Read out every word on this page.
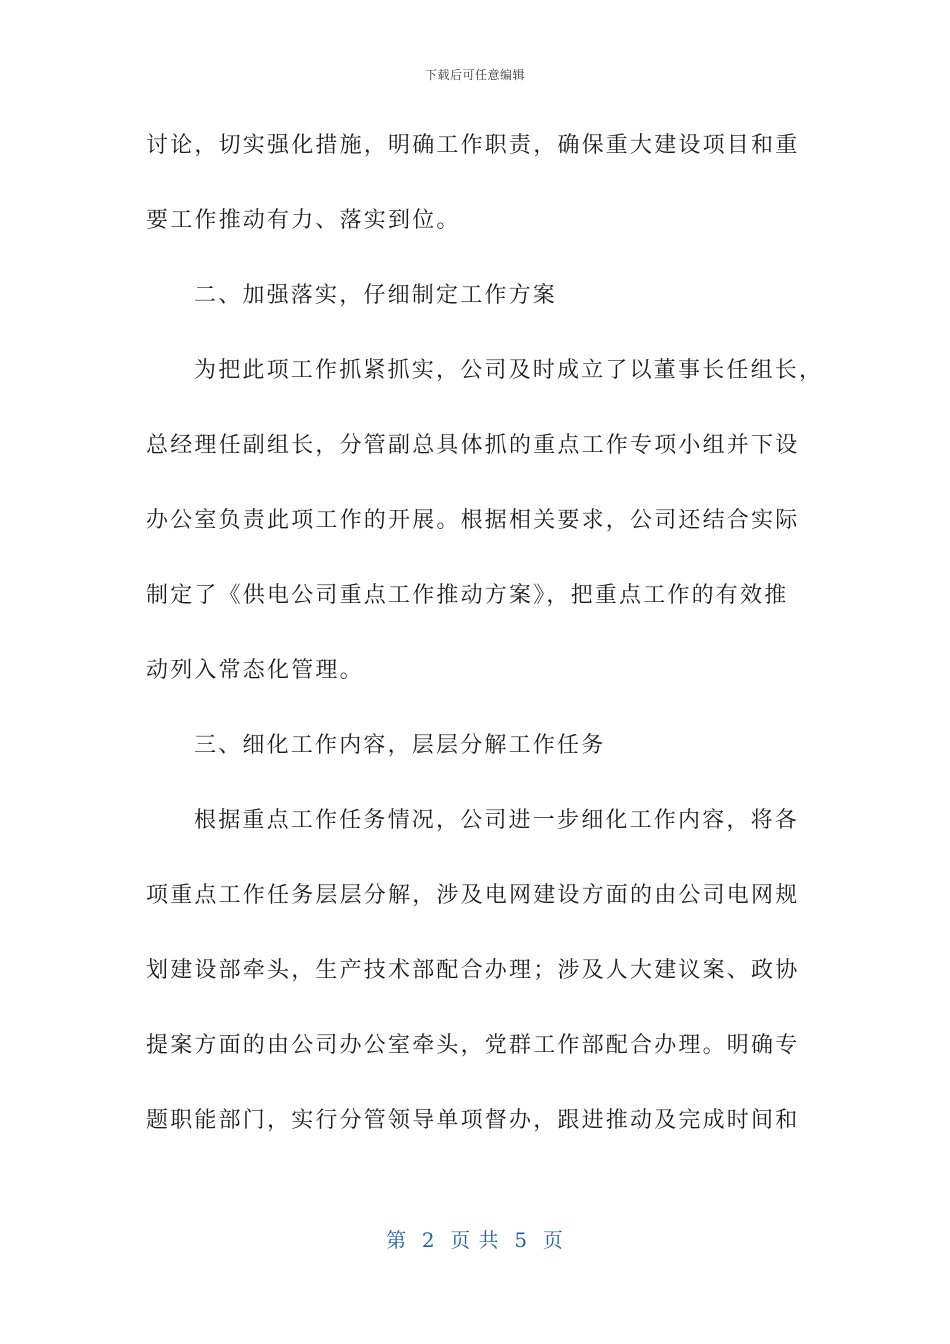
下载后可任意编辑
讨论，切实强化措施，明确工作职责，确保重大建设项目和重
要工作推动有力、落实到位。
二、加强落实，仔细制定工作方案
为把此项工作抓紧抓实，公司及时成立了以董事长任组长，
总经理任副组长，分管副总具体抓的重点工作专项小组并下设
办公室负责此项工作的开展。根据相关要求，公司还结合实际
制定了《供电公司重点工作推动方案》，把重点工作的有效推
动列入常态化管理。
三、细化工作内容，层层分解工作任务
根据重点工作任务情况，公司进一步细化工作内容，将各
项重点工作任务层层分解，涉及电网建设方面的由公司电网规
划建设部牵头，生产技术部配合办理；涉及人大建议案、政协
提案方面的由公司办公室牵头，党群工作部配合办理。明确专
题职能部门，实行分管领导单项督办，跟进推动及完成时间和
第  2  页 共  5  页
